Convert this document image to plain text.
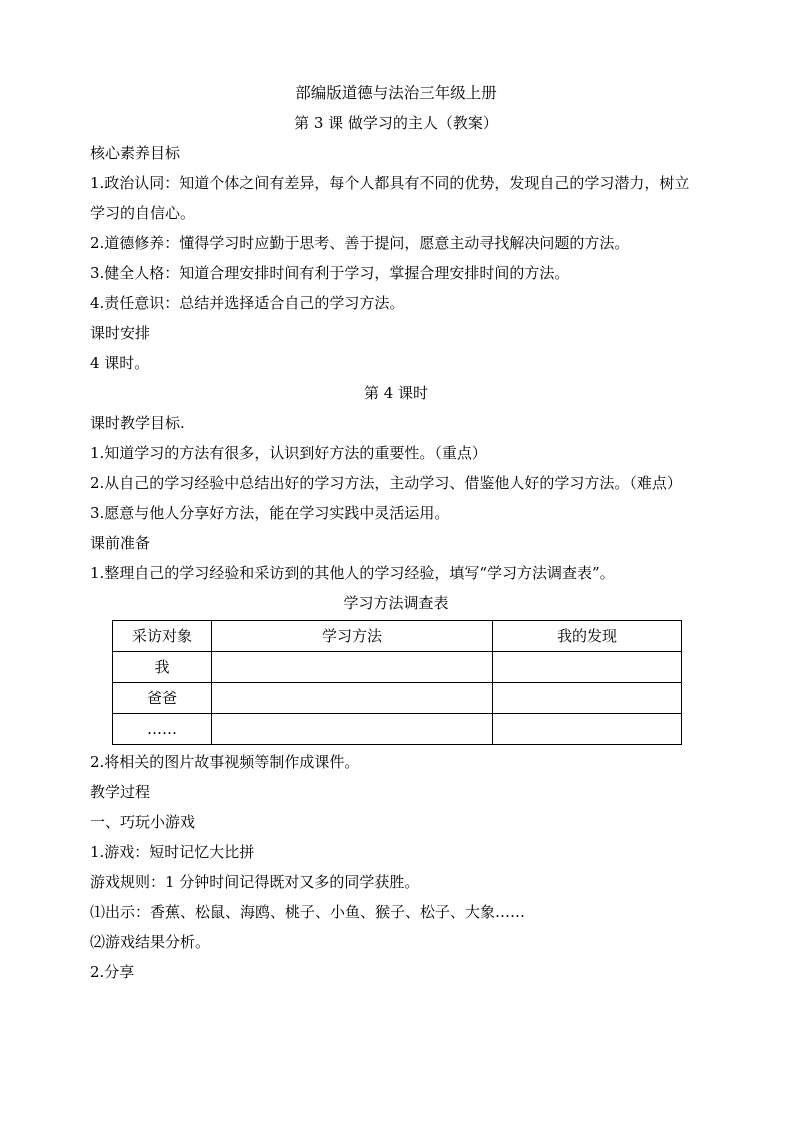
部编版道德与法治三年级上册
第 3 课 做学习的主人（教案）
核心素养目标
1.政治认同：知道个体之间有差异，每个人都具有不同的优势，发现自己的学习潜力，树立学习的自信心。
2.道德修养：懂得学习时应勤于思考、善于提问，愿意主动寻找解决问题的方法。
3.健全人格：知道合理安排时间有利于学习，掌握合理安排时间的方法。
4.责任意识：总结并选择适合自己的学习方法。
课时安排
4 课时。
第 4 课时
课时教学目标.
1.知道学习的方法有很多，认识到好方法的重要性。（重点）
2.从自己的学习经验中总结出好的学习方法，主动学习、借鉴他人好的学习方法。（难点）
3.愿意与他人分享好方法，能在学习实践中灵活运用。
课前准备
1.整理自己的学习经验和采访到的其他人的学习经验，填写“学习方法调查表”。
学习方法调查表
采访对象	学习方法	我的发现
我		
爸爸		
……		
2.将相关的图片故事视频等制作成课件。
教学过程
一、巧玩小游戏
1.游戏：短时记忆大比拼
游戏规则：1 分钟时间记得既对又多的同学获胜。
⑴出示：香蕉、松鼠、海鸥、桃子、小鱼、猴子、松子、大象……
⑵游戏结果分析。
2.分享
